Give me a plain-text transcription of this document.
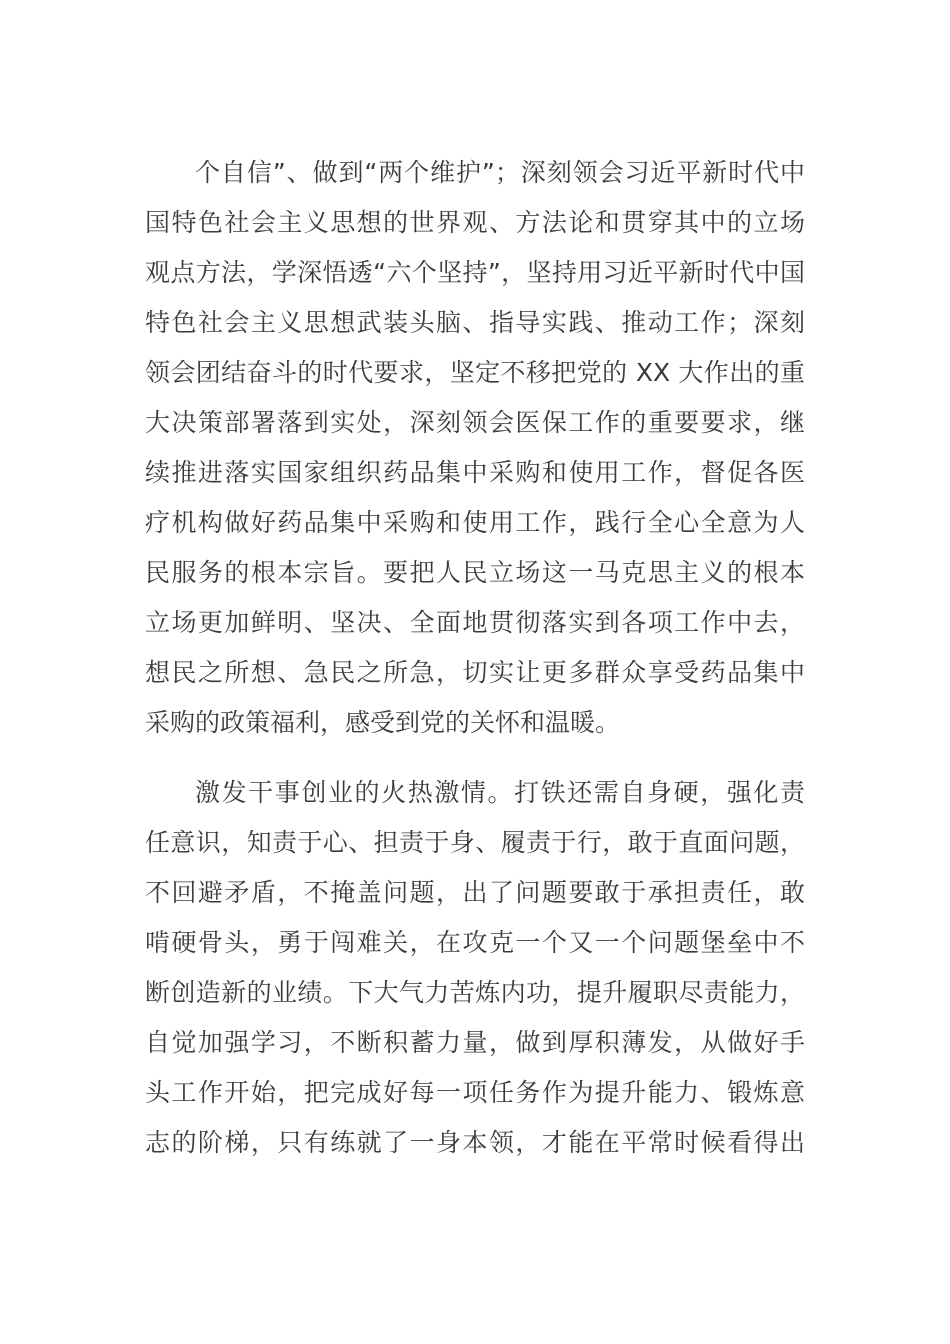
个自信”、做到“两个维护”；深刻领会习近平新时代中
国特色社会主义思想的世界观、方法论和贯穿其中的立场
观点方法，学深悟透“六个坚持”，坚持用习近平新时代中国
特色社会主义思想武装头脑、指导实践、推动工作；深刻
领会团结奋斗的时代要求，坚定不移把党的 XX 大作出的重
大决策部署落到实处，深刻领会医保工作的重要要求，继
续推进落实国家组织药品集中采购和使用工作，督促各医
疗机构做好药品集中采购和使用工作，践行全心全意为人
民服务的根本宗旨。要把人民立场这一马克思主义的根本
立场更加鲜明、坚决、全面地贯彻落实到各项工作中去，
想民之所想、急民之所急，切实让更多群众享受药品集中
采购的政策福利，感受到党的关怀和温暖。
激发干事创业的火热激情。打铁还需自身硬，强化责
任意识，知责于心、担责于身、履责于行，敢于直面问题，
不回避矛盾，不掩盖问题，出了问题要敢于承担责任，敢
啃硬骨头，勇于闯难关，在攻克一个又一个问题堡垒中不
断创造新的业绩。下大气力苦炼内功，提升履职尽责能力，
自觉加强学习，不断积蓄力量，做到厚积薄发，从做好手
头工作开始，把完成好每一项任务作为提升能力、锻炼意
志的阶梯，只有练就了一身本领，才能在平常时候看得出
